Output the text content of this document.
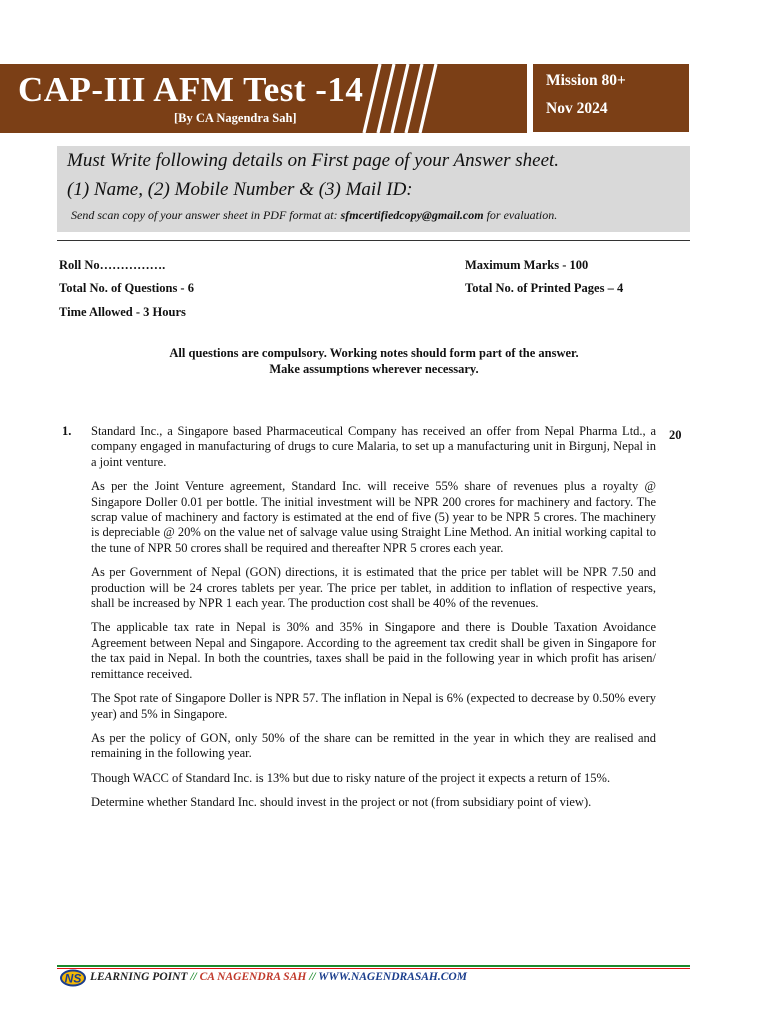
CAP-III AFM Test -14
[By CA Nagendra Sah]
Mission 80+
Nov 2024
Must Write following details on First page of your Answer sheet.
(1) Name, (2) Mobile Number & (3) Mail ID:
Send scan copy of your answer sheet in PDF format at: sfmcertifiedcopy@gmail.com for evaluation.
Roll No…………….
Total No. of Questions - 6
Time Allowed - 3 Hours
Maximum Marks - 100
Total No. of Printed Pages – 4
All questions are compulsory. Working notes should form part of the answer.
Make assumptions wherever necessary.
1.	20

Standard Inc., a Singapore based Pharmaceutical Company has received an offer from Nepal Pharma Ltd., a company engaged in manufacturing of drugs to cure Malaria, to set up a manufacturing unit in Birgunj, Nepal in a joint venture.

As per the Joint Venture agreement, Standard Inc. will receive 55% share of revenues plus a royalty @ Singapore Doller 0.01 per bottle. The initial investment will be NPR 200 crores for machinery and factory. The scrap value of machinery and factory is estimated at the end of five (5) year to be NPR 5 crores. The machinery is depreciable @ 20% on the value net of salvage value using Straight Line Method. An initial working capital to the tune of NPR 50 crores shall be required and thereafter NPR 5 crores each year.

As per Government of Nepal (GON) directions, it is estimated that the price per tablet will be NPR 7.50 and production will be 24 crores tablets per year. The price per tablet, in addition to inflation of respective years, shall be increased by NPR 1 each year. The production cost shall be 40% of the revenues.

The applicable tax rate in Nepal is 30% and 35% in Singapore and there is Double Taxation Avoidance Agreement between Nepal and Singapore. According to the agreement tax credit shall be given in Singapore for the tax paid in Nepal. In both the countries, taxes shall be paid in the following year in which profit has arisen/ remittance received.

The Spot rate of Singapore Doller is NPR 57. The inflation in Nepal is 6% (expected to decrease by 0.50% every year) and 5% in Singapore.

As per the policy of GON, only 50% of the share can be remitted in the year in which they are realised and remaining in the following year.

Though WACC of Standard Inc. is 13% but due to risky nature of the project it expects a return of 15%.

Determine whether Standard Inc. should invest in the project or not (from subsidiary point of view).

NS LEARNING POINT // CA NAGENDRA SAH // WWW.NAGENDRASAH.COM
